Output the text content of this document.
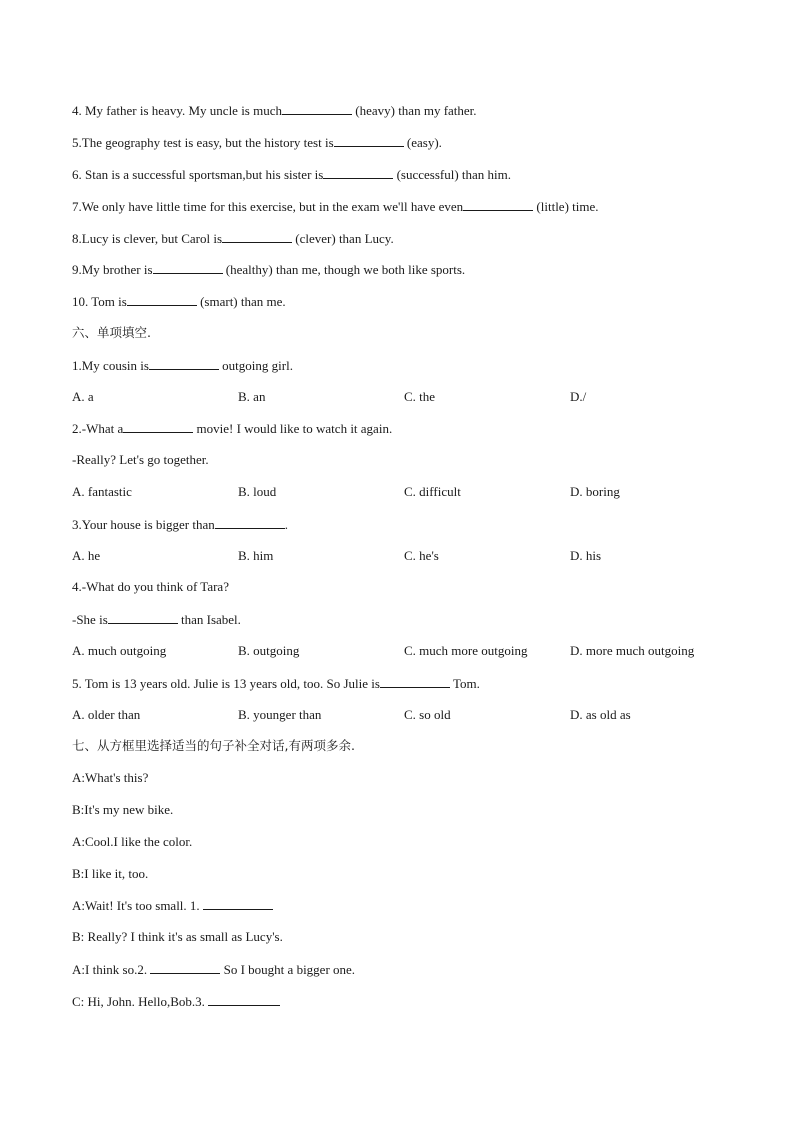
4. My father is heavy. My uncle is much	(heavy) than my father.
5.The geography test is easy, but the history test is	(easy).
6. Stan is a successful sportsman,but his sister is	(successful) than him.
7.We only have little time for this exercise, but in the exam we'll have even	(little) time.
8.Lucy is clever, but Carol is	(clever) than Lucy.
9.My brother is	(healthy) than me, though we both like sports.
10. Tom is	(smart) than me.
六、单项填空.
1.My cousin is	outgoing girl.
A. a	B. an	C. the	D./
2.-What a	movie! I would like to watch it again.
-Really? Let's go together.
A. fantastic	B. loud	C. difficult	D. boring
3.Your house is bigger than	.
A. he	B. him	C. he's	D. his
4.-What do you think of Tara?
-She is	than Isabel.
A. much outgoing	B. outgoing	C. much more outgoing	D. more much outgoing
5. Tom is 13 years old. Julie is 13 years old, too. So Julie is	Tom.
A. older than	B. younger than	C. so old	D. as old as
七、从方框里选择适当的句子补全对话,有两项多余.
A:What's this?
B:It's my new bike.
A:Cool.I like the color.
B:I like it, too.
A:Wait! It's too small. 1.
B: Really? I think it's as small as Lucy's.
A:I think so.2.	So I bought a bigger one.
C: Hi, John. Hello,Bob.3.
